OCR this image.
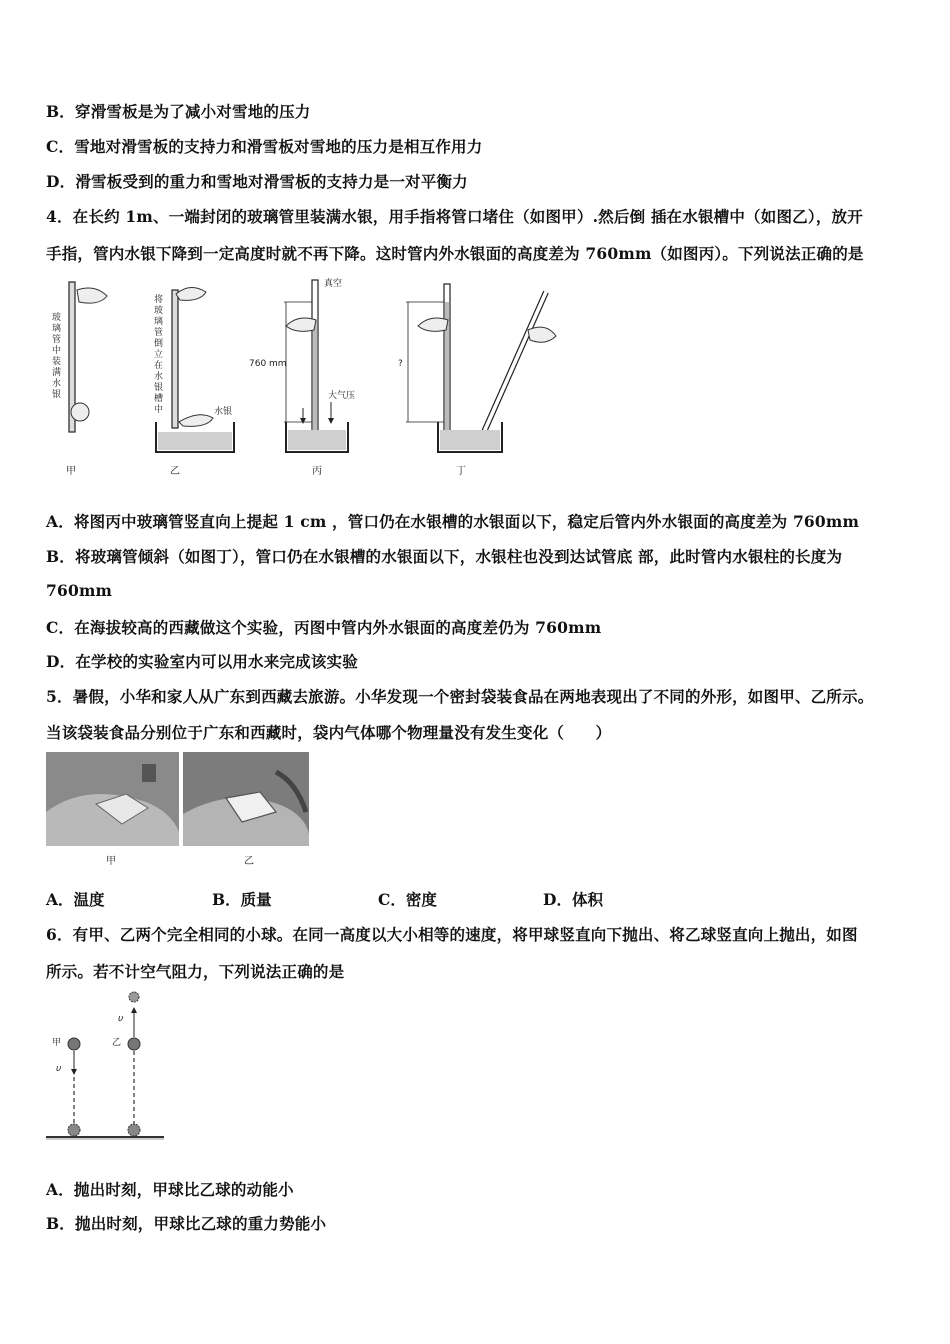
B．穿滑雪板是为了减小对雪地的压力
C．雪地对滑雪板的支持力和滑雪板对雪地的压力是相互作用力
D．滑雪板受到的重力和雪地对滑雪板的支持力是一对平衡力
4．在长约 1m、一端封闭的玻璃管里装满水银，用手指将管口堵住（如图甲）.然后倒 插在水银槽中（如图乙），放开
手指，管内水银下降到一定高度时就不再下降。这时管内外水银面的高度差为 760mm（如图丙）。下列说法正确的是
玻璃管中装满水银
甲
将玻璃管倒立在水银槽中	水银
乙
真空
760 mm
大气压
丙
?
丁
A．将图丙中玻璃管竖直向上提起 1 cm ，管口仍在水银槽的水银面以下，稳定后管内外水银面的高度差为 760mm
B．将玻璃管倾斜（如图丁），管口仍在水银槽的水银面以下，水银柱也没到达试管底 部，此时管内水银柱的长度为
760mm
C．在海拔较高的西藏做这个实验，丙图中管内外水银面的高度差仍为 760mm
D．在学校的实验室内可以用水来完成该实验
5．暑假，小华和家人从广东到西藏去旅游。小华发现一个密封袋装食品在两地表现出了不同的外形，如图甲、乙所示。
当该袋装食品分别位于广东和西藏时，袋内气体哪个物理量没有发生变化（　　）
甲	乙
A．温度	B．质量	C．密度	D．体积
6．有甲、乙两个完全相同的小球。在同一高度以大小相等的速度，将甲球竖直向下抛出、将乙球竖直向上抛出，如图
所示。若不计空气阻力，下列说法正确的是
甲
υ
乙
υ
A．抛出时刻，甲球比乙球的动能小
B．抛出时刻，甲球比乙球的重力势能小
